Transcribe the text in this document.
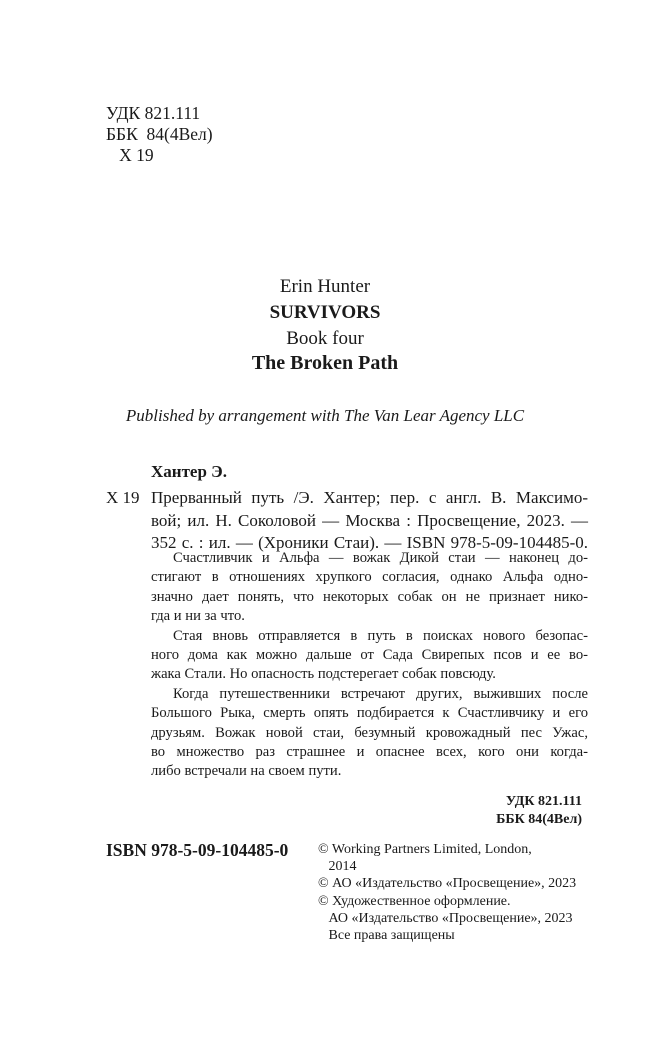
УДК 821.111
ББК  84(4Вел)
Х 19
Erin Hunter
SURVIVORS
Book four
The Broken Path
Published by arrangement with The Van Lear Agency LLC
Хантер Э.
Х 19 Прерванный путь /Э. Хантер; пер. с англ. В. Максимо-
вой; ил. Н. Соколовой — Москва : Просвещение, 2023. —
352 с. : ил. — (Хроники Стаи). — ISBN 978-5-09-104485-0.
Счастливчик и Альфа — вожак Дикой стаи — наконец до-
стигают в отношениях хрупкого согласия, однако Альфа одно-
значно дает понять, что некоторых собак он не признает нико-
гда и ни за что.
Стая вновь отправляется в путь в поисках нового безопас-
ного дома как можно дальше от Сада Свирепых псов и ее во-
жака Стали. Но опасность подстерегает собак повсюду.
Когда путешественники встречают других, выживших после
Большого Рыка, смерть опять подбирается к Счастливчику и его
друзьям. Вожак новой стаи, безумный кровожадный пес Ужас,
во множество раз страшнее и опаснее всех, кого они когда-
либо встречали на своем пути.
УДК 821.111
ББК 84(4Вел)
ISBN 978-5-09-104485-0 © Working Partners Limited, London,
2014
© АО «Издательство «Просвещение», 2023
© Художественное оформление.
АО «Издательство «Просвещение», 2023
Все права защищены
